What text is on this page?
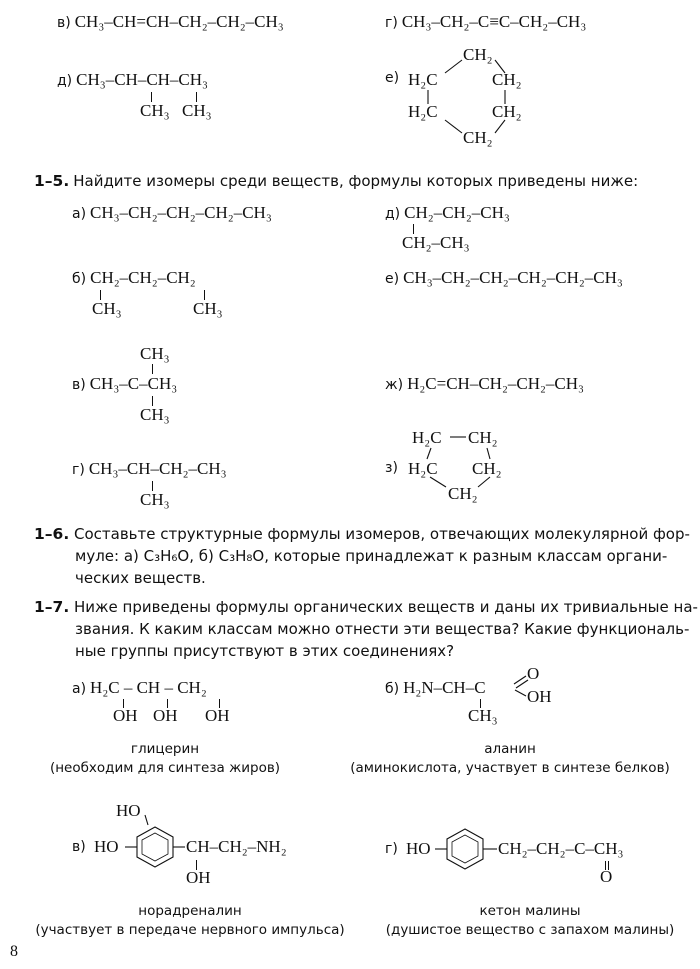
в) CH₃–CH=CH–CH₂–CH₂–CH₃	г) CH₃–CH₂–C≡C–CH₂–CH₃
д) CH₃–CH–CH–CH₃
CH₃ CH₃
е)
CH₂
H₂C	CH₂
H₂C	CH₂
CH₂
1–5. Найдите изомеры среди веществ, формулы которых приведены ниже:
а) CH₃–CH₂–CH₂–CH₂–CH₃	д) CH₂–CH₂–CH₃
CH₂–CH₃
б) CH₂–CH₂–CH₂
CH₃	CH₃
е) CH₃–CH₂–CH₂–CH₂–CH₂–CH₃
CH₃
в) CH₃–C–CH₃
CH₃
ж) H₂C=CH–CH₂–CH₂–CH₃
г) CH₃–CH–CH₂–CH₃
CH₃
з)
H₂C CH₂
H₂C CH₂
CH₂
1–6. Составьте структурные формулы изомеров, отвечающих молекулярной фор-
муле: а) C₃H₆O, б) C₃H₈O, которые принадлежат к разным классам органи-
ческих веществ.
1–7. Ниже приведены формулы органических веществ и даны их тривиальные на-
звания. К каким классам можно отнести эти вещества? Какие функциональ-
ные группы присутствуют в этих соединениях?
а) H₂C – CH – CH₂
OH OH OH
глицерин
(необходим для синтеза жиров)
б) H₂N–CH–C
O
OH
CH₃
аланин
(аминокислота, участвует в синтезе белков)
HO
в) HO	CH–CH₂–NH₂
OH
норадреналин
(участвует в передаче нервного импульса)
г) HO	CH₂–CH₂–C–CH₃
O
кетон малины
(душистое вещество с запахом малины)
8
